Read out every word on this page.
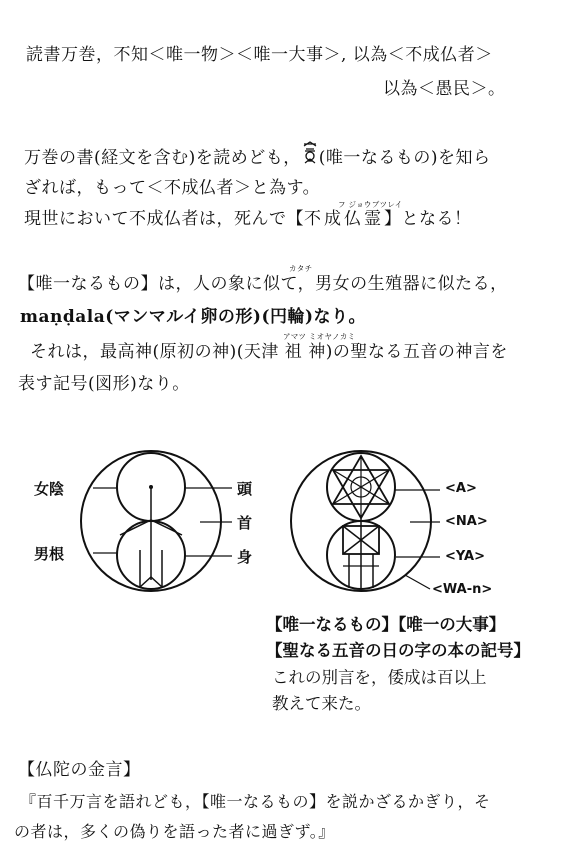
読書万巻，不知＜唯一物＞＜唯一大事＞, 以為＜不成仏者＞
以為＜愚民＞。
万巻の書(経文を含む)を読めども， (唯一なるもの)を知ら
ざれば，もって＜不成仏者＞と為す。
フ ジョウブツレイ
現世において不成仏者は，死んで【不成仏霊】となる！
カタチ
【唯一なるもの】は，人の象に似て，男女の生殖器に似たる，
maṇḍala(マンマルイ卵の形)(円輪)なり。
アマツ ミオヤノカミ
それは，最高神(原初の神)(天津 祖 神)の聖なる五音の神言を
表す記号(図形)なり。
女陰
男根
頭
首
身
<A>
<NA>
<YA>
<WA-n>
【唯一なるもの】【唯一の大事】
【聖なる五音の日の字の本の記号】
これの別言を，倭成は百以上
教えて来た。
【仏陀の金言】
『百千万言を語れども，【唯一なるもの】を説かざるかぎり，そ
の者は，多くの偽りを語った者に過ぎず。』
